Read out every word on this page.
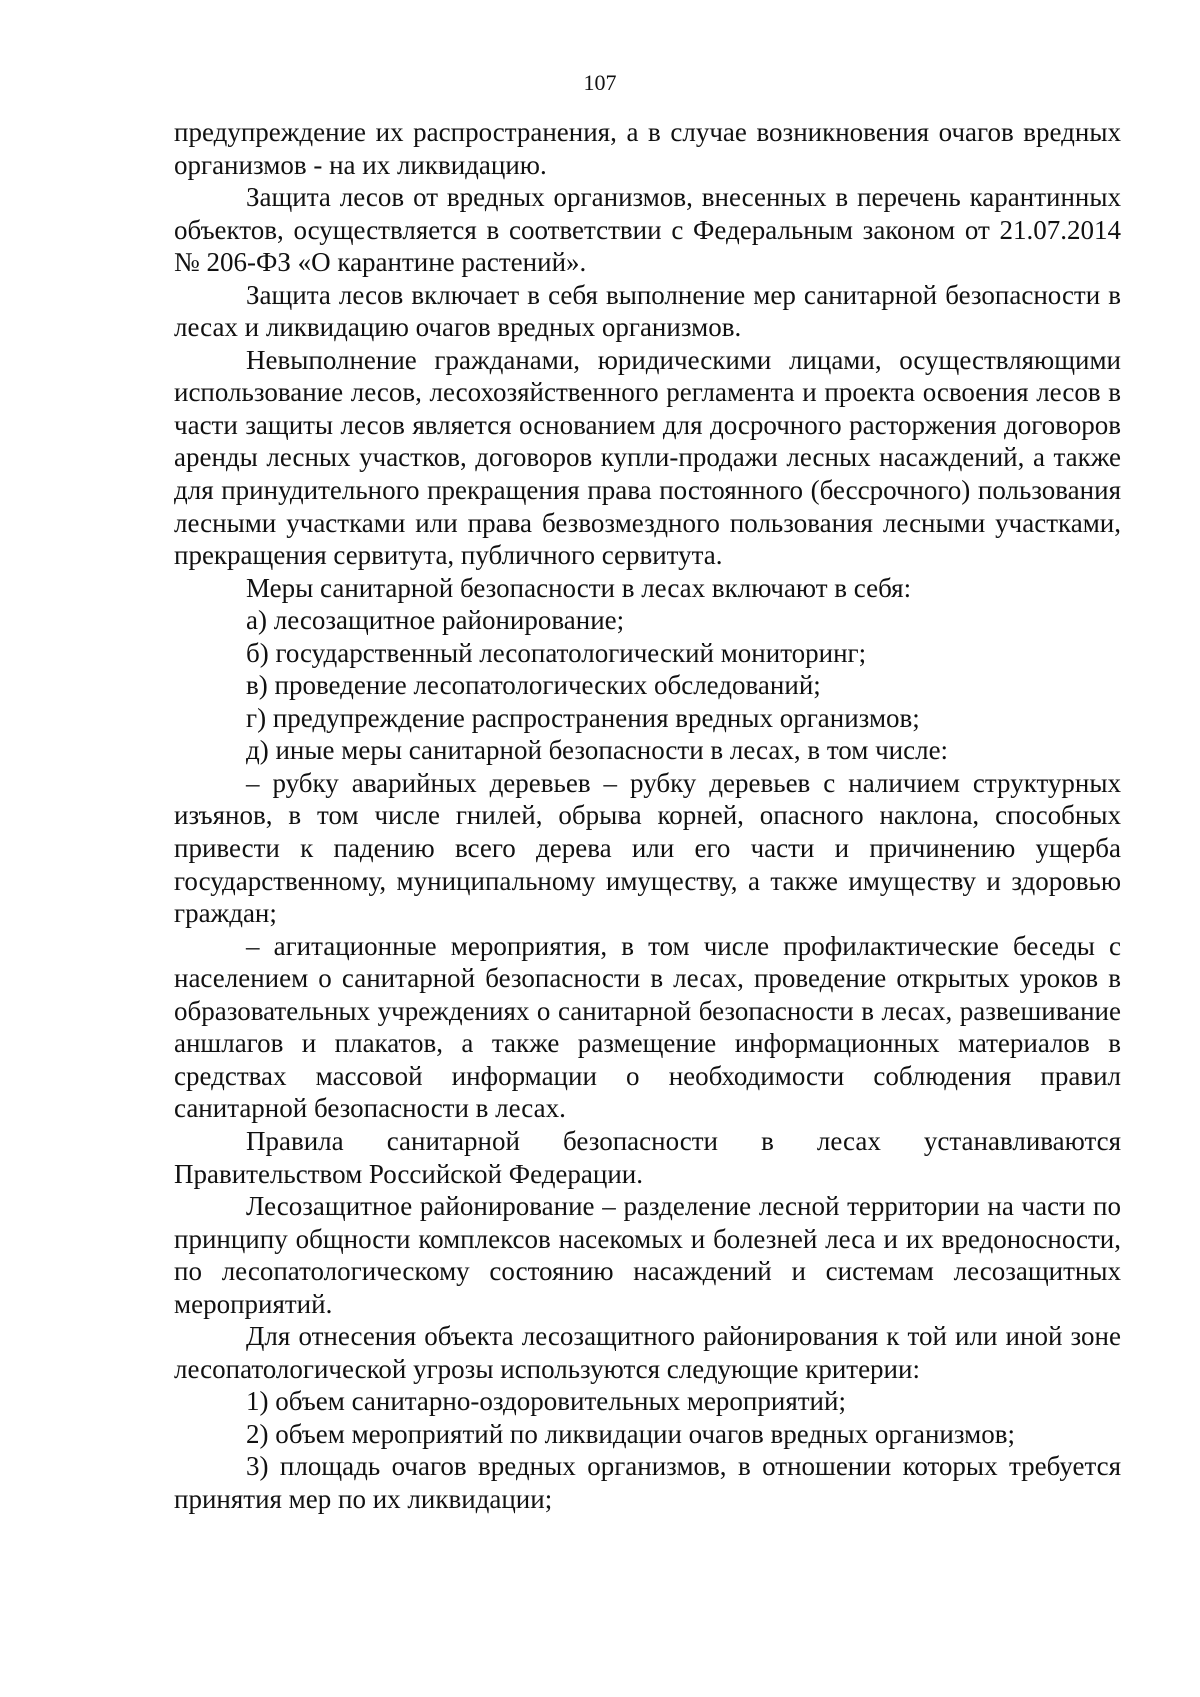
107

предупреждение их распространения, а в случае возникновения очагов вредных организмов - на их ликвидацию.

Защита лесов от вредных организмов, внесенных в перечень карантинных объектов, осуществляется в соответствии с Федеральным законом от 21.07.2014 № 206-ФЗ «О карантине растений».

Защита лесов включает в себя выполнение мер санитарной безопасности в лесах и ликвидацию очагов вредных организмов.

Невыполнение гражданами, юридическими лицами, осуществляющими использование лесов, лесохозяйственного регламента и проекта освоения лесов в части защиты лесов является основанием для досрочного расторжения договоров аренды лесных участков, договоров купли-продажи лесных насаждений, а также для принудительного прекращения права постоянного (бессрочного) пользования лесными участками или права безвозмездного пользования лесными участками, прекращения сервитута, публичного сервитута.

Меры санитарной безопасности в лесах включают в себя:

а) лесозащитное районирование;

б) государственный лесопатологический мониторинг;

в) проведение лесопатологических обследований;

г) предупреждение распространения вредных организмов;

д) иные меры санитарной безопасности в лесах, в том числе:

– рубку аварийных деревьев – рубку деревьев с наличием структурных изъянов, в том числе гнилей, обрыва корней, опасного наклона, способных привести к падению всего дерева или его части и причинению ущерба государственному, муниципальному имуществу, а также имуществу и здоровью граждан;

– агитационные мероприятия, в том числе профилактические беседы с населением о санитарной безопасности в лесах, проведение открытых уроков в образовательных учреждениях о санитарной безопасности в лесах, развешивание аншлагов и плакатов, а также размещение информационных материалов в средствах массовой информации о необходимости соблюдения правил санитарной безопасности в лесах.

Правила санитарной безопасности в лесах устанавливаются Правительством Российской Федерации.

Лесозащитное районирование – разделение лесной территории на части по принципу общности комплексов насекомых и болезней леса и их вредоносности, по лесопатологическому состоянию насаждений и системам лесозащитных мероприятий.

Для отнесения объекта лесозащитного районирования к той или иной зоне лесопатологической угрозы используются следующие критерии:

1) объем санитарно-оздоровительных мероприятий;

2) объем мероприятий по ликвидации очагов вредных организмов;

3) площадь очагов вредных организмов, в отношении которых требуется принятия мер по их ликвидации;
